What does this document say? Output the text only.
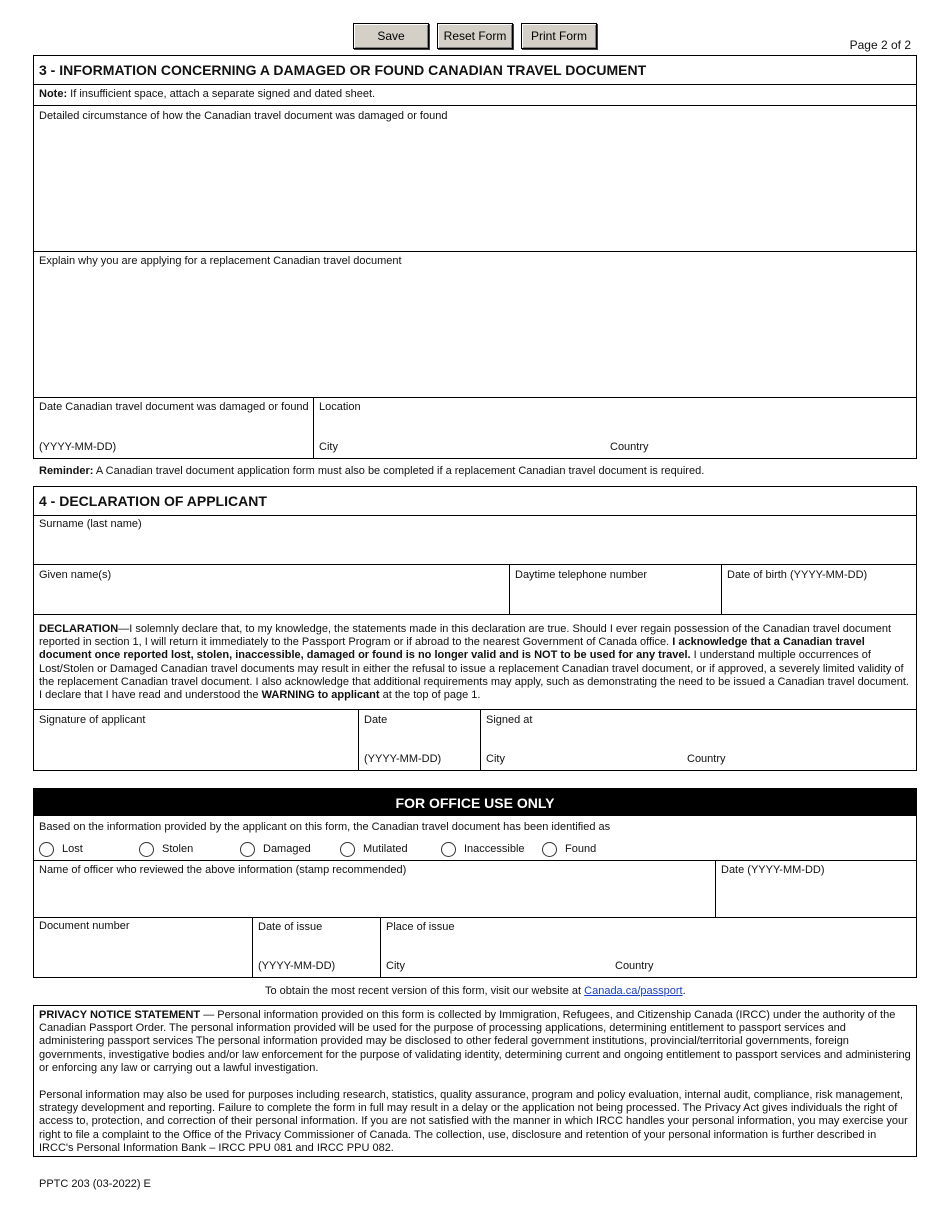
Save	Reset Form	Print Form
Page 2 of 2
3 - INFORMATION CONCERNING A DAMAGED OR FOUND CANADIAN TRAVEL DOCUMENT
Note: If insufficient space, attach a separate signed and dated sheet.
Detailed circumstance of how the Canadian travel document was damaged or found
Explain why you are applying for a replacement Canadian travel document
Date Canadian travel document was damaged or found
(YYYY-MM-DD)
Location
City	Country
Reminder: A Canadian travel document application form must also be completed if a replacement Canadian travel document is required.
4 - DECLARATION OF APPLICANT
Surname (last name)
Given name(s)	Daytime telephone number	Date of birth (YYYY-MM-DD)
DECLARATION—I solemnly declare that, to my knowledge, the statements made in this declaration are true. Should I ever regain possession of the Canadian travel document reported in section 1, I will return it immediately to the Passport Program or if abroad to the nearest Government of Canada office. I acknowledge that a Canadian travel document once reported lost, stolen, inaccessible, damaged or found is no longer valid and is NOT to be used for any travel. I understand multiple occurrences of Lost/Stolen or Damaged Canadian travel documents may result in either the refusal to issue a replacement Canadian travel document, or if approved, a severely limited validity of the replacement Canadian travel document. I also acknowledge that additional requirements may apply, such as demonstrating the need to be issued a Canadian travel document. I declare that I have read and understood the WARNING to applicant at the top of page 1.
Signature of applicant	Date
(YYYY-MM-DD)
Signed at
City	Country
FOR OFFICE USE ONLY
Based on the information provided by the applicant on this form, the Canadian travel document has been identified as
Lost	Stolen	Damaged	Mutilated	Inaccessible	Found
Name of officer who reviewed the above information (stamp recommended)	Date (YYYY-MM-DD)
Document number	Date of issue
(YYYY-MM-DD)
Place of issue
City	Country
To obtain the most recent version of this form, visit our website at Canada.ca/passport.
PRIVACY NOTICE STATEMENT — Personal information provided on this form is collected by Immigration, Refugees, and Citizenship Canada (IRCC) under the authority of the Canadian Passport Order. The personal information provided will be used for the purpose of processing applications, determining entitlement to passport services and administering passport services The personal information provided may be disclosed to other federal government institutions, provincial/territorial governments, foreign governments, investigative bodies and/or law enforcement for the purpose of validating identity, determining current and ongoing entitlement to passport services and administering or enforcing any law or carrying out a lawful investigation.
Personal information may also be used for purposes including research, statistics, quality assurance, program and policy evaluation, internal audit, compliance, risk management, strategy development and reporting. Failure to complete the form in full may result in a delay or the application not being processed. The Privacy Act gives individuals the right of access to, protection, and correction of their personal information. If you are not satisfied with the manner in which IRCC handles your personal information, you may exercise your right to file a complaint to the Office of the Privacy Commissioner of Canada. The collection, use, disclosure and retention of your personal information is further described in IRCC's Personal Information Bank – IRCC PPU 081 and IRCC PPU 082.
PPTC 203 (03-2022) E
